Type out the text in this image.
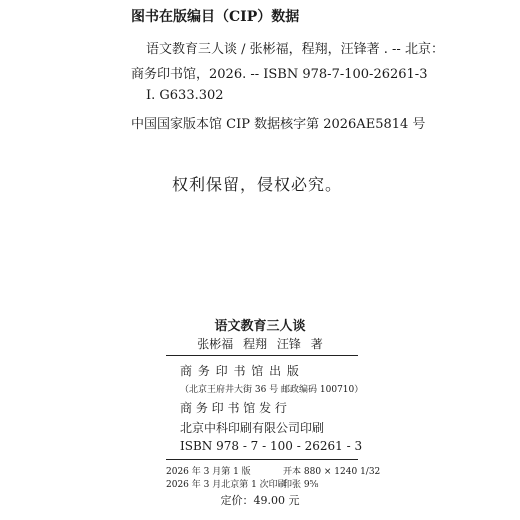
图书在版编目（CIP）数据
语文教育三人谈 / 张彬福，程翔，汪锋著 . -- 北京：
商务印书馆，2026. -- ISBN 978-7-100-26261-3
Ⅰ. G633.302
中国国家版本馆 CIP 数据核字第 2026AE5814 号
权利保留，侵权必究。
语文教育三人谈
张彬福 程翔 汪锋 著
商 务 印 书 馆 出 版
（北京王府井大街 36 号 邮政编码 100710）
商 务 印 书 馆 发 行
北京中科印刷有限公司印刷
ISBN 978 - 7 - 100 - 26261 - 3
2026 年 3 月第 1 版	开本 880 × 1240 1/32
2026 年 3 月北京第 1 次印刷
印张 9⅝
定价：49.00 元
